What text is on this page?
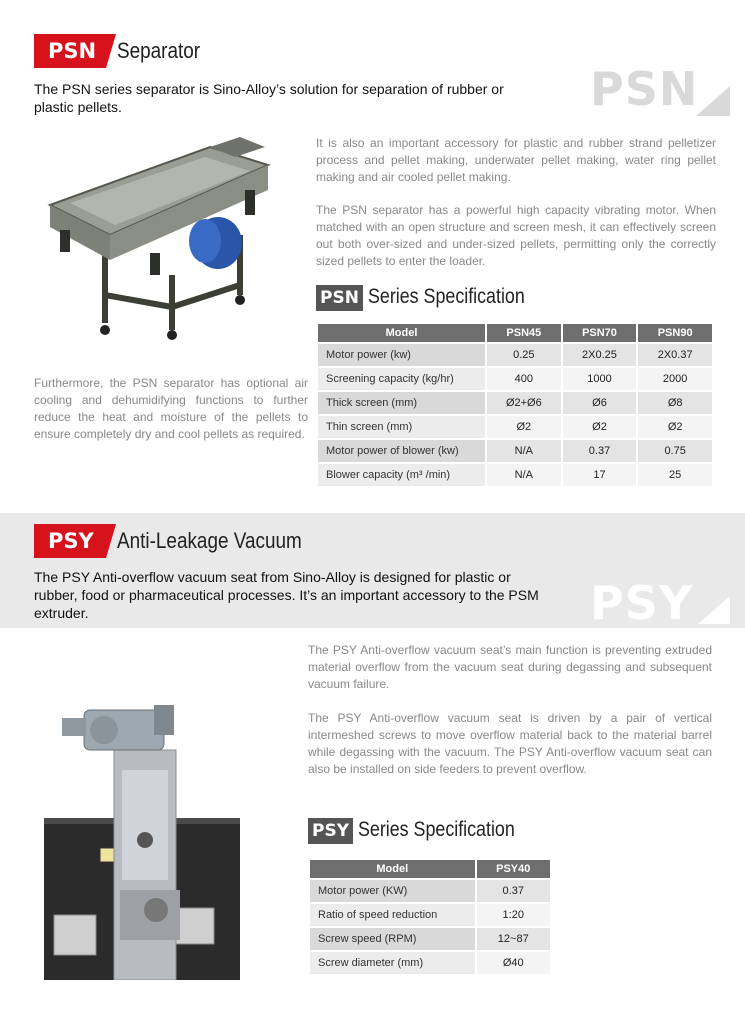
PSN Separator
The PSN series separator is Sino-Alloy’s solution for separation of rubber or plastic pellets.	PSN
It is also an important accessory for plastic and rubber strand pelletizer process and pellet making, underwater pellet making, water ring pellet making and air cooled pellet making.
The PSN separator has a powerful high capacity vibrating motor. When matched with an open structure and screen mesh, it can effectively screen out both over-sized and under-sized pellets, permitting only the correctly sized pellets to enter the loader.
Furthermore, the PSN separator has optional air cooling and dehumidifying functions to further reduce the heat and moisture of the pellets to ensure completely dry and cool pellets as required.
PSN Series Specification
Model	PSN45	PSN70	PSN90
Motor power (kw)	0.25	2X0.25	2X0.37
Screening capacity (kg/hr)	400	1000	2000
Thick screen (mm)	Ø2+Ø6	Ø6	Ø8
Thin screen (mm)	Ø2	Ø2	Ø2
Motor power of blower (kw)	N/A	0.37	0.75
Blower capacity (m³ /min)	N/A	17	25
PSY	Anti-Leakage Vacuum
The PSY Anti-overflow vacuum seat from Sino-Alloy is designed for plastic or rubber, food or pharmaceutical processes. It’s an important accessory to the PSM extruder.	PSY
The PSY Anti-overflow vacuum seat’s main function is preventing extruded material overflow from the vacuum seat during degassing and subsequent vacuum failure.
The PSY Anti-overflow vacuum seat is driven by a pair of vertical intermeshed screws to move overflow material back to the material barrel while degassing with the vacuum. The PSY Anti-overflow vacuum seat can also be installed on side feeders to prevent overflow.
PSY Series Specification
Model	PSY40
Motor power (KW)	0.37
Ratio of speed reduction	1:20
Screw speed (RPM)	12~87
Screw diameter (mm)	Ø40
